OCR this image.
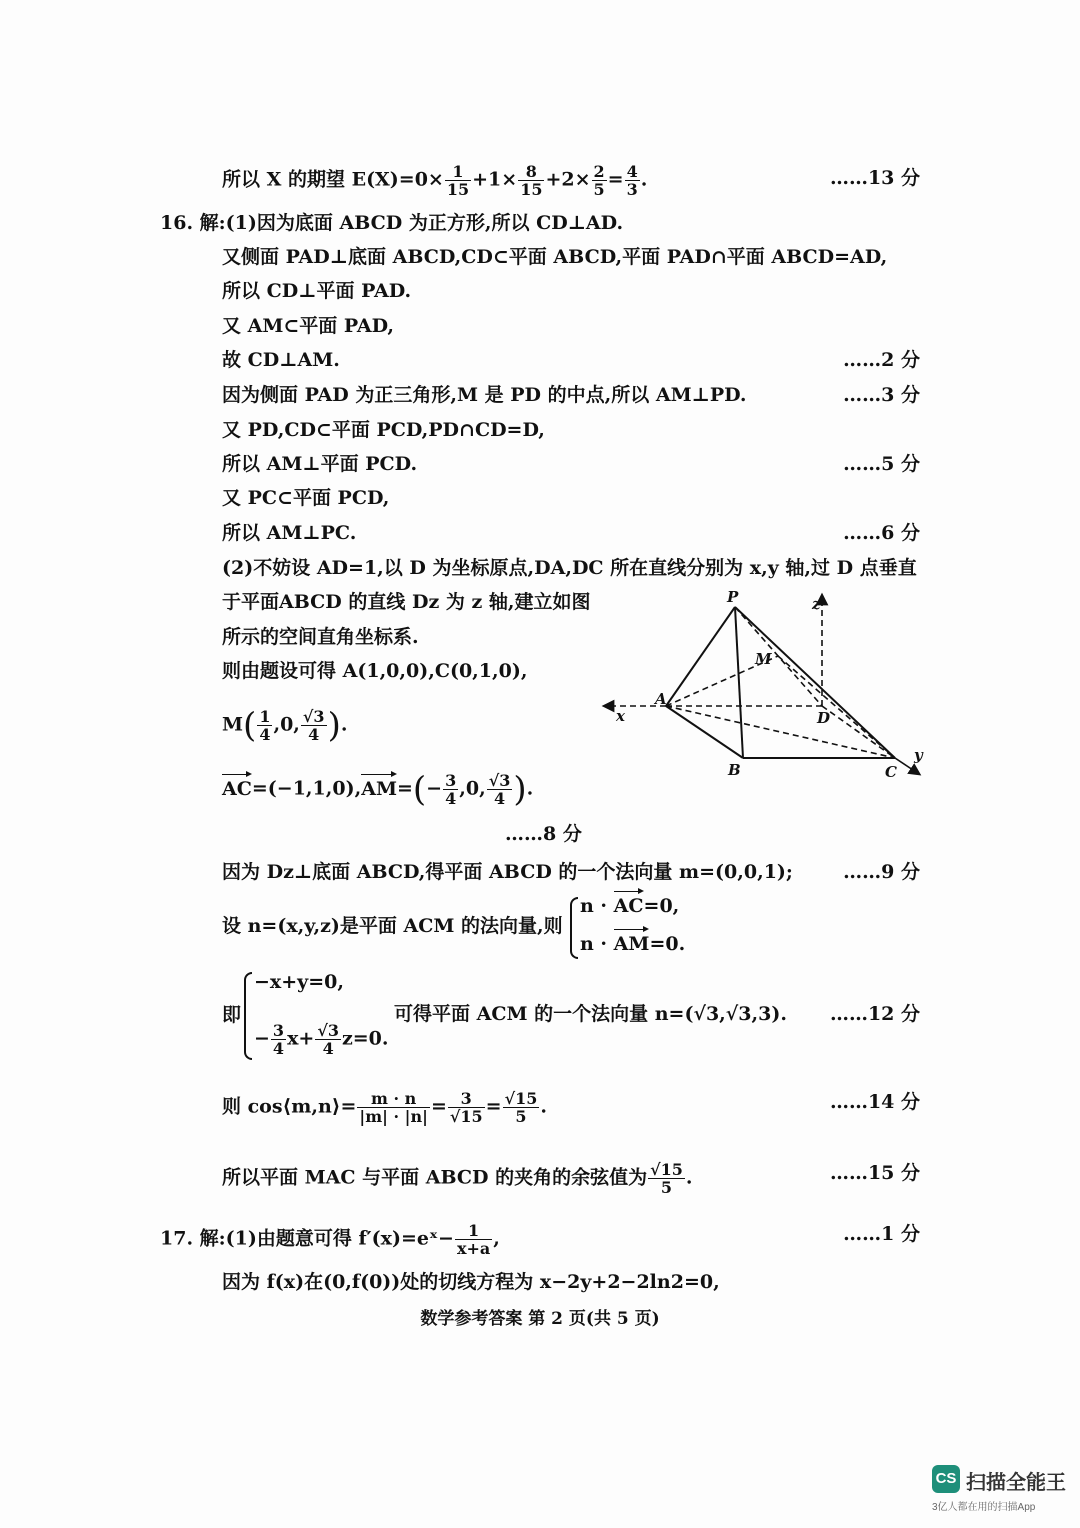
所以 X 的期望 $E(X)=0\times \frac{1}{15} +1\times \frac{8}{15} +2\times \frac{2}{5} = \frac{4}{3}$ .	……13 分
16. 解:(1)因为底面 ABCD 为正方形,所以 CD⊥AD.
又侧面 PAD⊥底面 ABCD,CD⊂平面 ABCD,平面 PAD∩平面 ABCD=AD,
所以 CD⊥平面 PAD.
又 AM⊂平面 PAD,
故 CD⊥AM.	……2 分
因为侧面 PAD 为正三角形,M 是 PD 的中点,所以 AM⊥PD.	……3 分
又 PD,CD⊂平面 PCD,PD∩CD=D,
所以 AM⊥平面 PCD.	……5 分
又 PC⊂平面 PCD,
所以 AM⊥PC.	……6 分
(2)不妨设 AD=1,以 D 为坐标原点,DA,DC 所在直线分别为 x,y 轴,过 D 点垂直
于平面ABCD 的直线 Dz 为 z 轴,建立如图
所示的空间直角坐标系.
则由题设可得 A(1,0,0),C(0,1,0),
$M( \frac{1}{4} ,0$, $\frac{√3}{4}$ ).
$AC=(-1,1,0),AM=(- \frac{3}{4} ,0$, $\frac{√3}{4}$ ).
……8 分
P
M
A
D
B	C
x
y
z
因为 Dz⊥底面 ABCD,得平面 ABCD 的一个法向量 m=(0,0,1);	……9 分
设 n=(x,y,z)是平面 ACM 的法向量,则
n · AC=0,
n · AM=0.
即
−x+y=0,
− $\frac{3}{4} x+ \frac{√3}{4} z=0$.
可得平面 ACM 的一个法向量 n=(√3,√3,3). ……12 分
则 cos⟨m,n⟩= $\frac{m \cdot n}{|m| \cdot |n|} = \frac{3}{√15} = \frac{√15}{5}$ .	……14 分
所以平面 MAC 与平面 ABCD 的夹角的余弦值为 $\frac{√15}{5}$ .	……15 分
17. 解:(1)由题意可得 f′(x)=eˣ− $\frac{1}{x+a}$ ,	……1 分
因为 f(x)在(0,f(0))处的切线方程为 x−2y+2−2ln2=0,
数学参考答案 第 2 页(共 5 页)
CS 扫描全能王
3亿人都在用的扫描App
